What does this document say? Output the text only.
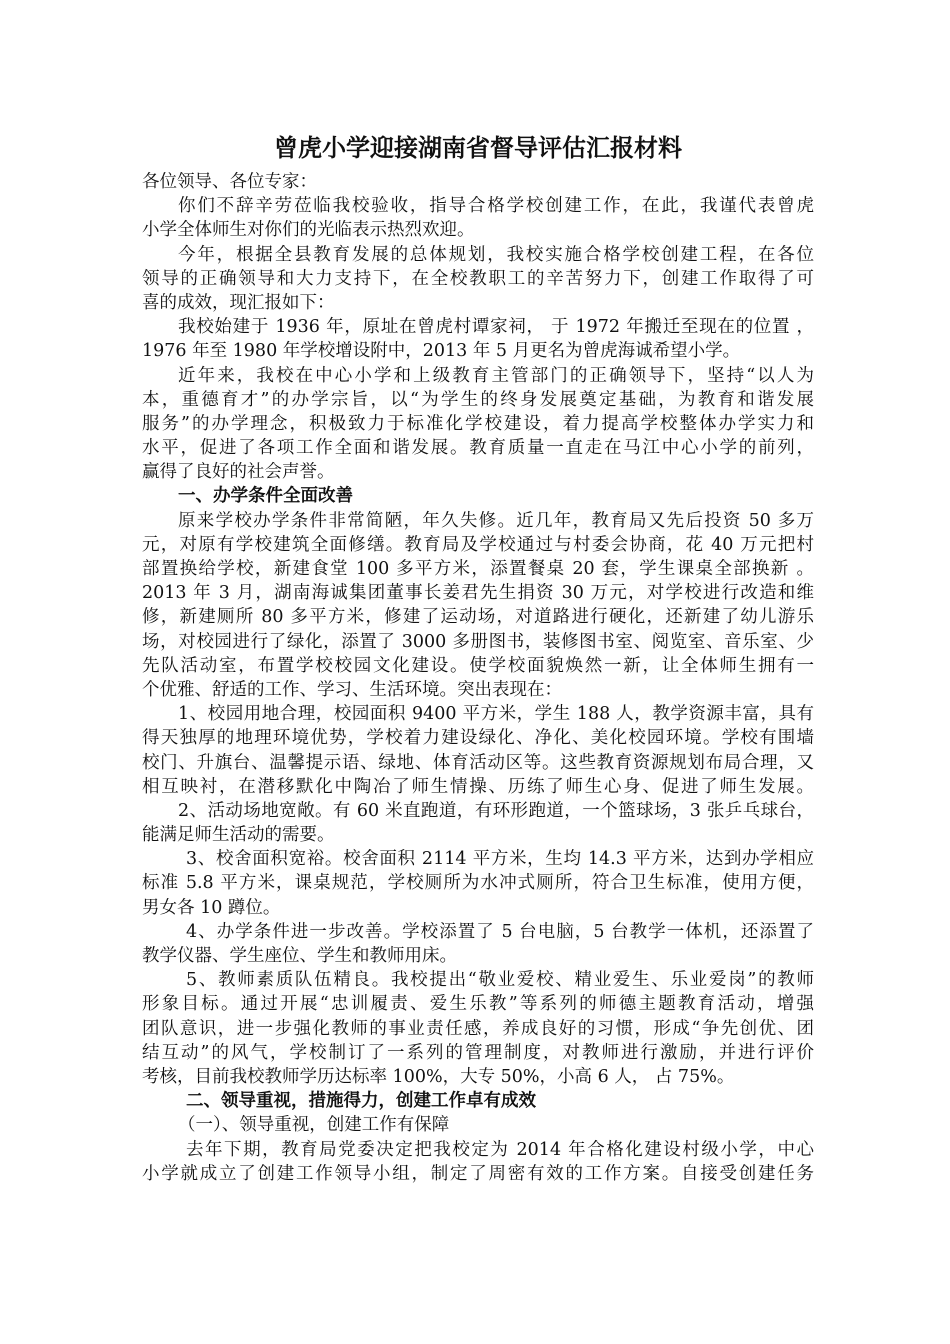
曾虎小学迎接湖南省督导评估汇报材料
各位领导、各位专家：
你们不辞辛劳莅临我校验收，指导合格学校创建工作，在此，我谨代表曾虎
小学全体师生对你们的光临表示热烈欢迎。
今年，根据全县教育发展的总体规划，我校实施合格学校创建工程，在各位
领导的正确领导和大力支持下，在全校教职工的辛苦努力下，创建工作取得了可
喜的成效，现汇报如下：
我校始建于 1936 年，原址在曾虎村谭家祠， 于 1972 年搬迁至现在的位置 ，
1976 年至 1980 年学校增设附中，2013 年 5 月更名为曾虎海诚希望小学。
近年来，我校在中心小学和上级教育主管部门的正确领导下，坚持“以人为
本，重德育才”的办学宗旨，以“为学生的终身发展奠定基础，为教育和谐发展
服务”的办学理念，积极致力于标准化学校建设，着力提高学校整体办学实力和
水平，促进了各项工作全面和谐发展。教育质量一直走在马江中心小学的前列，
赢得了良好的社会声誉。
一、办学条件全面改善
原来学校办学条件非常简陋，年久失修。近几年，教育局又先后投资 50 多万
元，对原有学校建筑全面修缮。教育局及学校通过与村委会协商，花 40 万元把村
部置换给学校，新建食堂 100 多平方米，添置餐桌 20 套，学生课桌全部换新 。
2013 年 3 月，湖南海诚集团董事长姜君先生捐资 30 万元，对学校进行改造和维
修，新建厕所 80 多平方米，修建了运动场，对道路进行硬化，还新建了幼儿游乐
场，对校园进行了绿化，添置了 3000 多册图书，装修图书室、阅览室、音乐室、少
先队活动室，布置学校校园文化建设。使学校面貌焕然一新，让全体师生拥有一
个优雅、舒适的工作、学习、生活环境。突出表现在：
1、校园用地合理，校园面积 9400 平方米，学生 188 人，教学资源丰富，具有
得天独厚的地理环境优势，学校着力建设绿化、净化、美化校园环境。学校有围墙
校门、升旗台、温馨提示语、绿地、体育活动区等。这些教育资源规划布局合理，又
相互映衬，在潜移默化中陶冶了师生情操、历练了师生心身、促进了师生发展。
2、活动场地宽敞。有 60 米直跑道，有环形跑道，一个篮球场，3 张乒乓球台，
能满足师生活动的需要。
3、校舍面积宽裕。校舍面积 2114 平方米，生均 14.3 平方米，达到办学相应
标准 5.8 平方米，课桌规范，学校厕所为水冲式厕所，符合卫生标准，使用方便，
男女各 10 蹲位。
4、办学条件进一步改善。学校添置了 5 台电脑，5 台教学一体机，还添置了
教学仪器、学生座位、学生和教师用床。
5、教师素质队伍精良。我校提出“敬业爱校、精业爱生、乐业爱岗”的教师
形象目标。通过开展“忠训履责、爱生乐教”等系列的师德主题教育活动，增强
团队意识，进一步强化教师的事业责任感，养成良好的习惯，形成“争先创优、团
结互动”的风气，学校制订了一系列的管理制度，对教师进行激励，并进行评价
考核，目前我校教师学历达标率 100%，大专 50%，小高 6 人， 占 75%。
二、领导重视，措施得力，创建工作卓有成效
（一）、领导重视，创建工作有保障
去年下期，教育局党委决定把我校定为 2014 年合格化建设村级小学，中心
小学就成立了创建工作领导小组，制定了周密有效的工作方案。自接受创建任务
